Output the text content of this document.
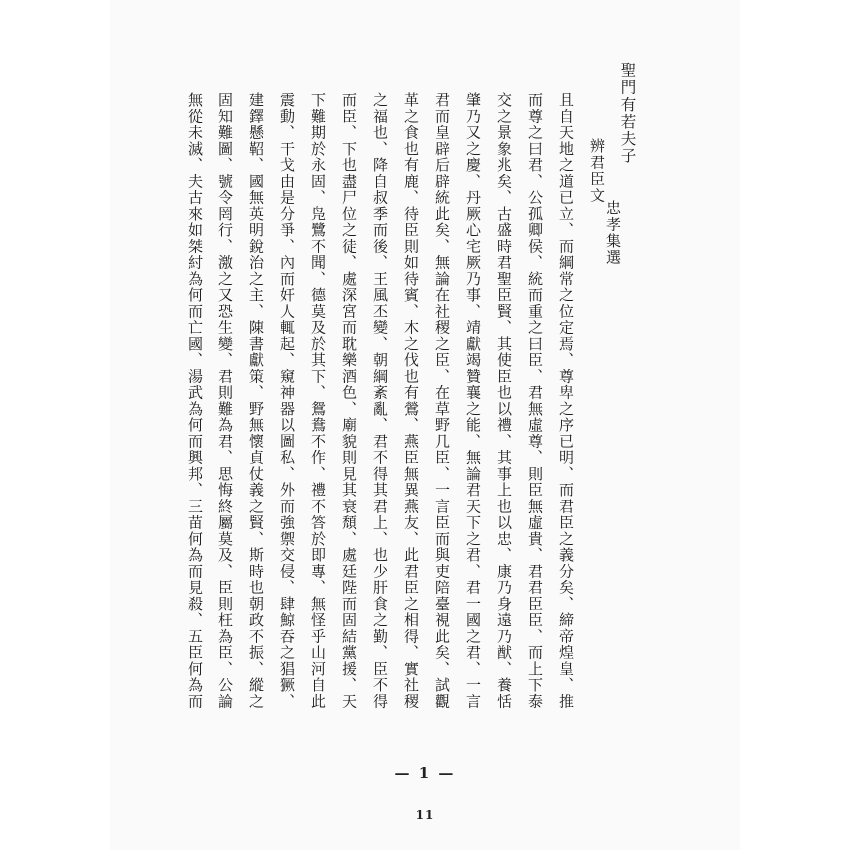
聖門有若夫子
辨君臣文
忠孝集選
且自天地之道已立、而綱常之位定焉、尊卑之序已明、而君臣之義分矣、締帝煌皇、推
而尊之曰君、公孤卿侯、統而重之曰臣、君無虛尊、則臣無虛貴、君君臣臣、而上下泰
交之景象兆矣、古盛時君聖臣賢、其使臣也以禮、其事上也以忠、康乃身遠乃猷、養恬
肇乃又之慶、丹厥心宅厥乃事、靖獻竭贊襄之能、無論君天下之君、君一國之君、一言
君而皇辟后辟統此矣、無論在社稷之臣、在草野几臣、一言臣而與吏陪臺視此矣、試觀
革之食也有鹿、待臣則如待賓、木之伐也有鶯、燕臣無異燕友、此君臣之相得、實社稷
之福也、降自叔季而後、王風丕變、朝綱紊亂、君不得其君上、也少肝食之勤、臣不得
而臣、下也盡尸位之徒、處深宮而耽樂酒色、廟貌則見其衰頹、處廷陛而固結黨援、天
下難期於永固、凫鷺不聞、德莫及於其下、鴛鴦不作、禮不答於即專、無怪乎山河自此
震動、干戈由是分爭、內而奸人輒起、窺神器以圖私、外而強禦交侵、肆鯨吞之猖獗、
建鐸懸鞀、國無英明銳治之主、陳書獻策、野無懷貞仗義之賢、斯時也朝政不振、縱之
固知難圖、號令罔行、激之又恐生變、君則難為君、思悔終屬莫及、臣則枉為臣、公論
無從未滅、夫古來如桀紂為何而亡國、湯武為何而興邦、三苗何為而見殺、五臣何為而
— 1 —
11
